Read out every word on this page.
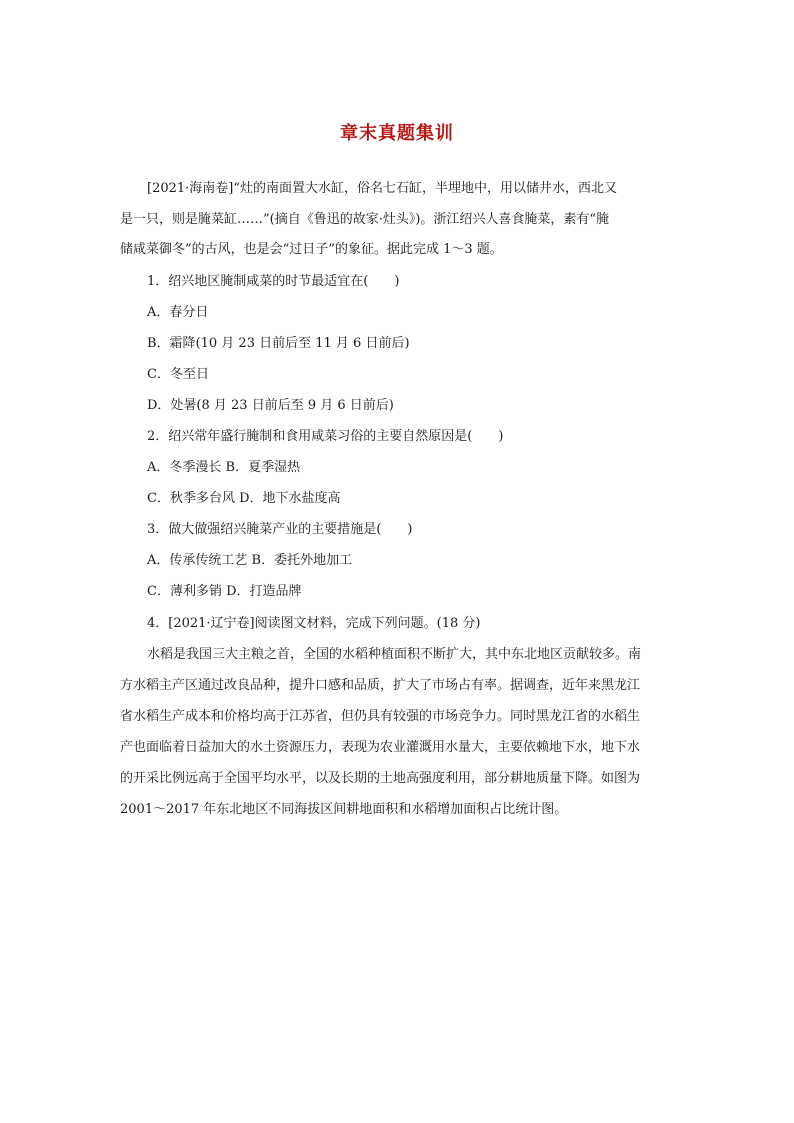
章末真题集训
[2021·海南卷]“灶的南面置大水缸，俗名七石缸，半埋地中，用以储井水，西北又
是一只，则是腌菜缸……”(摘自《鲁迅的故家·灶头》)。浙江绍兴人喜食腌菜，素有“腌
储咸菜御冬”的古风，也是会“过日子”的象征。据此完成 1～3 题。
1．绍兴地区腌制咸菜的时节最适宜在(　　)
A．春分日
B．霜降(10 月 23 日前后至 11 月 6 日前后)
C．冬至日
D．处暑(8 月 23 日前后至 9 月 6 日前后)
2．绍兴常年盛行腌制和食用咸菜习俗的主要自然原因是(　　)
A．冬季漫长 B．夏季湿热
C．秋季多台风 D．地下水盐度高
3．做大做强绍兴腌菜产业的主要措施是(　　)
A．传承传统工艺 B．委托外地加工
C．薄利多销 D．打造品牌
4．[2021·辽宁卷]阅读图文材料，完成下列问题。(18 分)
水稻是我国三大主粮之首，全国的水稻种植面积不断扩大，其中东北地区贡献较多。南
方水稻主产区通过改良品种，提升口感和品质，扩大了市场占有率。据调查，近年来黑龙江
省水稻生产成本和价格均高于江苏省，但仍具有较强的市场竞争力。同时黑龙江省的水稻生
产也面临着日益加大的水土资源压力，表现为农业灌溉用水量大，主要依赖地下水，地下水
的开采比例远高于全国平均水平，以及长期的土地高强度利用，部分耕地质量下降。如图为
2001～2017 年东北地区不同海拔区间耕地面积和水稻增加面积占比统计图。
